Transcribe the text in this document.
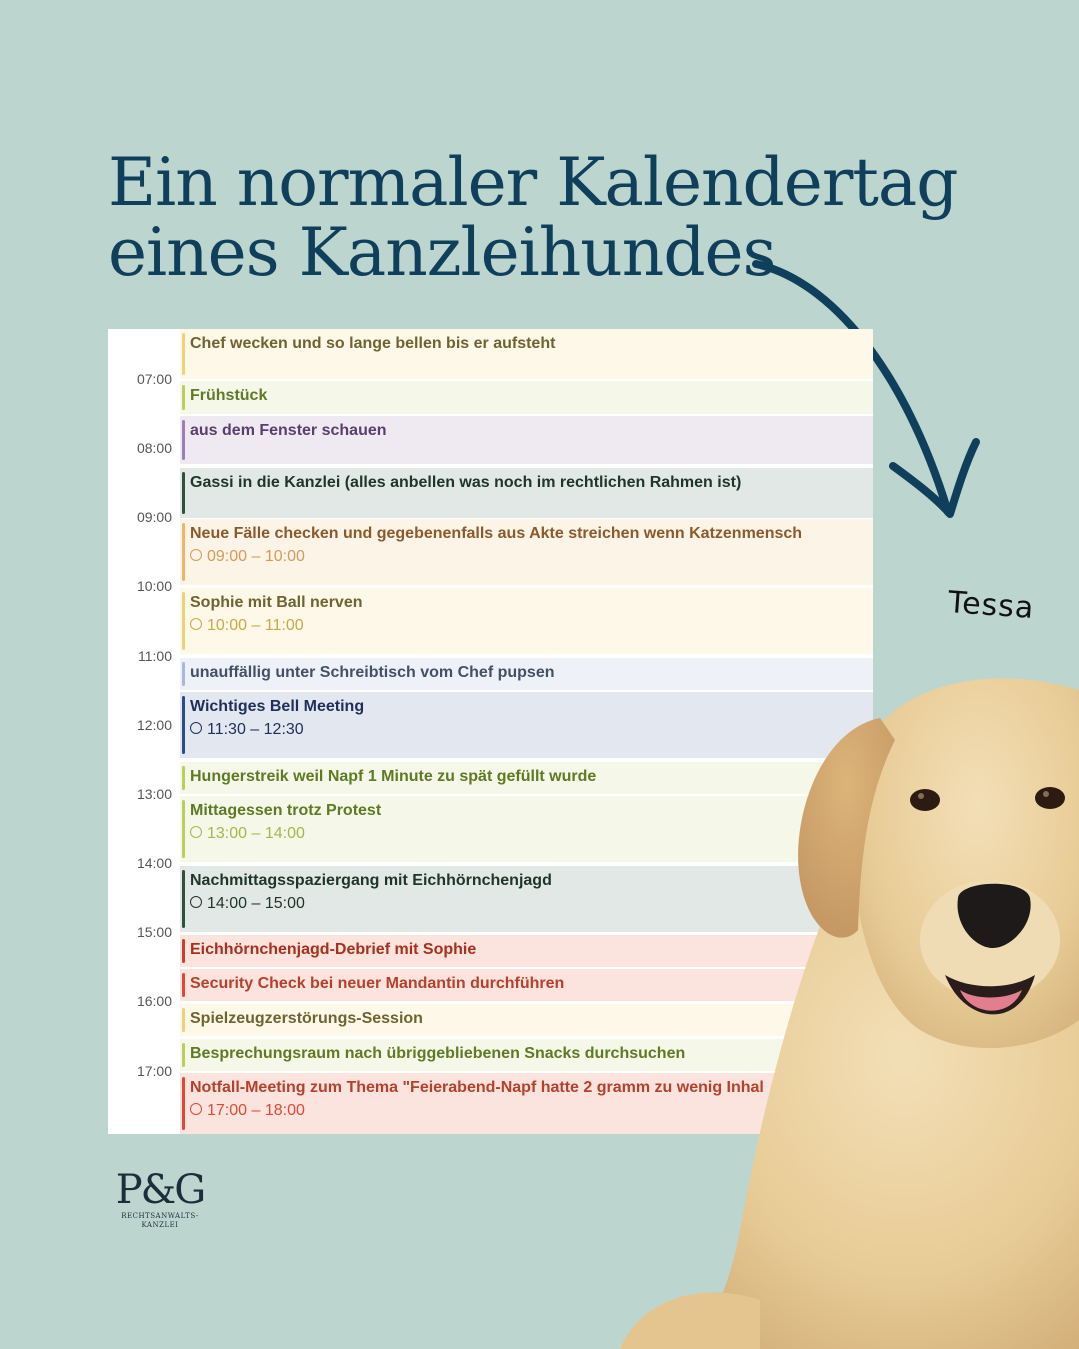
Ein normaler Kalendertag
eines Kanzleihundes
07:00
08:00
09:00
10:00
11:00
12:00
13:00
14:00
15:00
16:00
17:00
Chef wecken und so lange bellen bis er aufsteht
Frühstück
aus dem Fenster schauen
Gassi in die Kanzlei (alles anbellen was noch im rechtlichen Rahmen ist)
Neue Fälle checken und gegebenenfalls aus Akte streichen wenn Katzenmensch
09:00 – 10:00
Sophie mit Ball nerven
10:00 – 11:00
unauffällig unter Schreibtisch vom Chef pupsen
Wichtiges Bell Meeting
11:30 – 12:30
Hungerstreik weil Napf 1 Minute zu spät gefüllt wurde
Mittagessen trotz Protest
13:00 – 14:00
Nachmittagsspaziergang mit Eichhörnchenjagd
14:00 – 15:00
Eichhörnchenjagd-Debrief mit Sophie
Security Check bei neuer Mandantin durchführen
Spielzeugzerstörungs-Session
Besprechungsraum nach übriggebliebenen Snacks durchsuchen
Notfall-Meeting zum Thema "Feierabend-Napf hatte 2 gramm zu wenig Inhal
17:00 – 18:00
Tessa
P&G
RECHTSANWALTS-
KANZLEI
